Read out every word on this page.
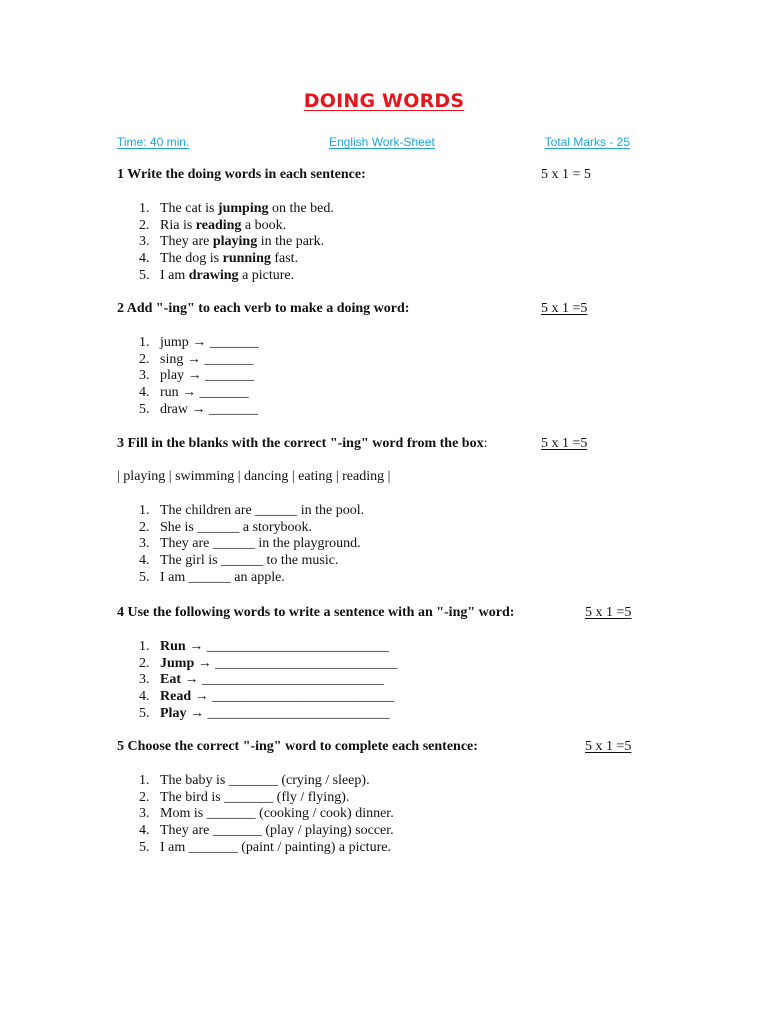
DOING WORDS
Time: 40 min.	English Work-Sheet	Total Marks - 25
1 Write the doing words in each sentence:	5 x 1 = 5
1. The cat is jumping on the bed.
2. Ria is reading a book.
3. They are playing in the park.
4. The dog is running fast.
5. I am drawing a picture.
2 Add "-ing" to each verb to make a doing word:	5 x 1 =5
1. jump → _______
2. sing → _______
3. play → _______
4. run → _______
5. draw → _______
3 Fill in the blanks with the correct "-ing" word from the box:	5 x 1 =5
| playing | swimming | dancing | eating | reading |
1. The children are ______ in the pool.
2. She is ______ a storybook.
3. They are ______ in the playground.
4. The girl is ______ to the music.
5. I am ______ an apple.
4 Use the following words to write a sentence with an "-ing" word:	5 x 1 =5
1. Run → __________________________
2. Jump → __________________________
3. Eat → __________________________
4. Read → __________________________
5. Play → __________________________
5 Choose the correct "-ing" word to complete each sentence:	5 x 1 =5
1. The baby is _______ (crying / sleep).
2. The bird is _______ (fly / flying).
3. Mom is _______ (cooking / cook) dinner.
4. They are _______ (play / playing) soccer.
5. I am _______ (paint / painting) a picture.
